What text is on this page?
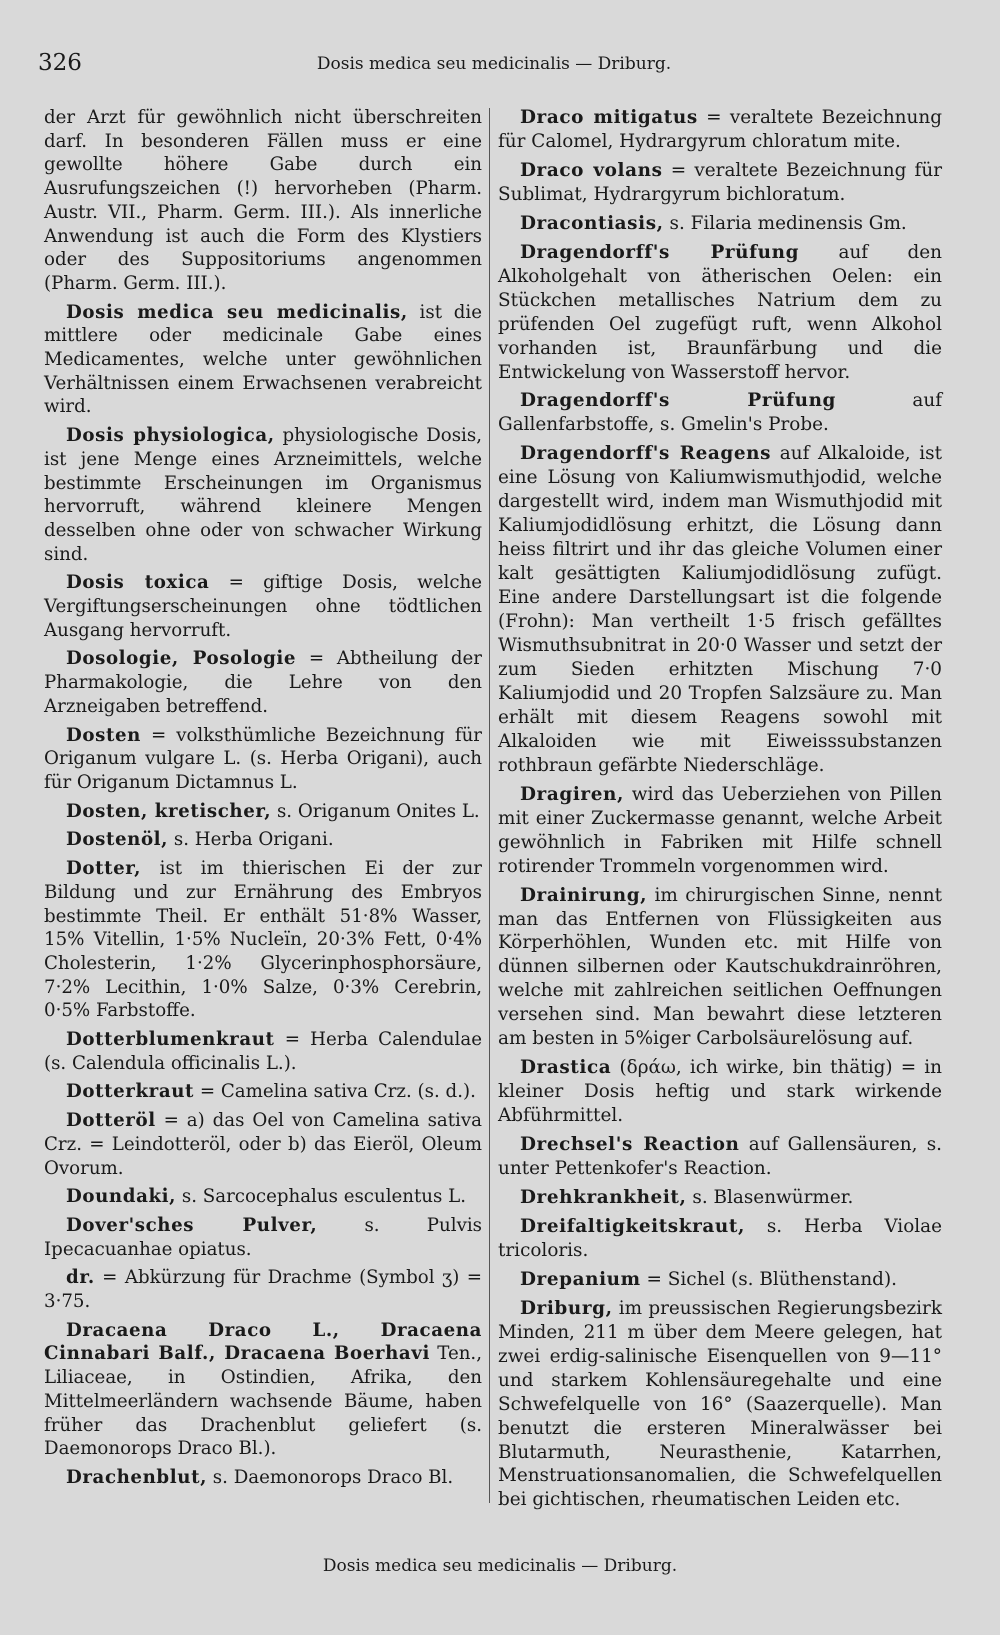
326	Dosis medica seu medicinalis — Driburg.

der Arzt für gewöhnlich nicht überschreiten darf. In besonderen Fällen muss er eine gewollte höhere Gabe durch ein Ausrufungszeichen (!) hervorheben (Pharm. Austr. VII., Pharm. Germ. III.). Als innerliche Anwendung ist auch die Form des Klystiers oder des Suppositoriums angenommen (Pharm. Germ. III.).

Dosis medica seu medicinalis, ist die mittlere oder medicinale Gabe eines Medicamentes, welche unter gewöhnlichen Verhältnissen einem Erwachsenen verabreicht wird.

Dosis physiologica, physiologische Dosis, ist jene Menge eines Arzneimittels, welche bestimmte Erscheinungen im Organismus hervorruft, während kleinere Mengen desselben ohne oder von schwacher Wirkung sind.

Dosis toxica = giftige Dosis, welche Vergiftungserscheinungen ohne tödtlichen Ausgang hervorruft.

Dosologie, Posologie = Abtheilung der Pharmakologie, die Lehre von den Arzneigaben betreffend.

Dosten = volksthümliche Bezeichnung für Origanum vulgare L. (s. Herba Origani), auch für Origanum Dictamnus L.

Dosten, kretischer, s. Origanum Onites L.

Dostenöl, s. Herba Origani.

Dotter, ist im thierischen Ei der zur Bildung und zur Ernährung des Embryos bestimmte Theil. Er enthält 51·8% Wasser, 15% Vitellin, 1·5% Nucleïn, 20·3% Fett, 0·4% Cholesterin, 1·2% Glycerinphosphorsäure, 7·2% Lecithin, 1·0% Salze, 0·3% Cerebrin, 0·5% Farbstoffe.

Dotterblumenkraut = Herba Calendulae (s. Calendula officinalis L.).

Dotterkraut = Camelina sativa Crz. (s. d.).

Dotteröl = a) das Oel von Camelina sativa Crz. = Leindotteröl, oder b) das Eieröl, Oleum Ovorum.

Doundaki, s. Sarcocephalus esculentus L.

Dover'sches Pulver, s. Pulvis Ipecacuanhae opiatus.

dr. = Abkürzung für Drachme (Symbol ʒ) = 3·75.

Dracaena Draco L., Dracaena Cinnabari Balf., Dracaena Boerhavi Ten., Liliaceae, in Ostindien, Afrika, den Mittelmeerländern wachsende Bäume, haben früher das Drachenblut geliefert (s. Daemonorops Draco Bl.).

Drachenblut, s. Daemonorops Draco Bl.

Draco mitigatus = veraltete Bezeichnung für Calomel, Hydrargyrum chloratum mite.

Draco volans = veraltete Bezeichnung für Sublimat, Hydrargyrum bichloratum.

Dracontiasis, s. Filaria medinensis Gm.

Dragendorff's Prüfung auf den Alkoholgehalt von ätherischen Oelen: ein Stückchen metallisches Natrium dem zu prüfenden Oel zugefügt ruft, wenn Alkohol vorhanden ist, Braunfärbung und die Entwickelung von Wasserstoff hervor.

Dragendorff's Prüfung auf Gallenfarbstoffe, s. Gmelin's Probe.

Dragendorff's Reagens auf Alkaloide, ist eine Lösung von Kaliumwismuthjodid, welche dargestellt wird, indem man Wismuthjodid mit Kaliumjodidlösung erhitzt, die Lösung dann heiss filtrirt und ihr das gleiche Volumen einer kalt gesättigten Kaliumjodidlösung zufügt. Eine andere Darstellungsart ist die folgende (Frohn): Man vertheilt 1·5 frisch gefälltes Wismuthsubnitrat in 20·0 Wasser und setzt der zum Sieden erhitzten Mischung 7·0 Kaliumjodid und 20 Tropfen Salzsäure zu. Man erhält mit diesem Reagens sowohl mit Alkaloiden wie mit Eiweisssubstanzen rothbraun gefärbte Niederschläge.

Dragiren, wird das Ueberziehen von Pillen mit einer Zuckermasse genannt, welche Arbeit gewöhnlich in Fabriken mit Hilfe schnell rotirender Trommeln vorgenommen wird.

Drainirung, im chirurgischen Sinne, nennt man das Entfernen von Flüssigkeiten aus Körperhöhlen, Wunden etc. mit Hilfe von dünnen silbernen oder Kautschukdrainröhren, welche mit zahlreichen seitlichen Oeffnungen versehen sind. Man bewahrt diese letzteren am besten in 5%iger Carbolsäurelösung auf.

Drastica (δράω, ich wirke, bin thätig) = in kleiner Dosis heftig und stark wirkende Abführmittel.

Drechsel's Reaction auf Gallensäuren, s. unter Pettenkofer's Reaction.

Drehkrankheit, s. Blasenwürmer.

Dreifaltigkeitskraut, s. Herba Violae tricoloris.

Drepanium = Sichel (s. Blüthenstand).

Driburg, im preussischen Regierungsbezirk Minden, 211 m über dem Meere gelegen, hat zwei erdig-salinische Eisenquellen von 9—11° und starkem Kohlensäuregehalte und eine Schwefelquelle von 16° (Saazerquelle). Man benutzt die ersteren Mineralwässer bei Blutarmuth, Neurasthenie, Katarrhen, Menstruationsanomalien, die Schwefelquellen bei gichtischen, rheumatischen Leiden etc.

Dosis medica seu medicinalis — Driburg.
